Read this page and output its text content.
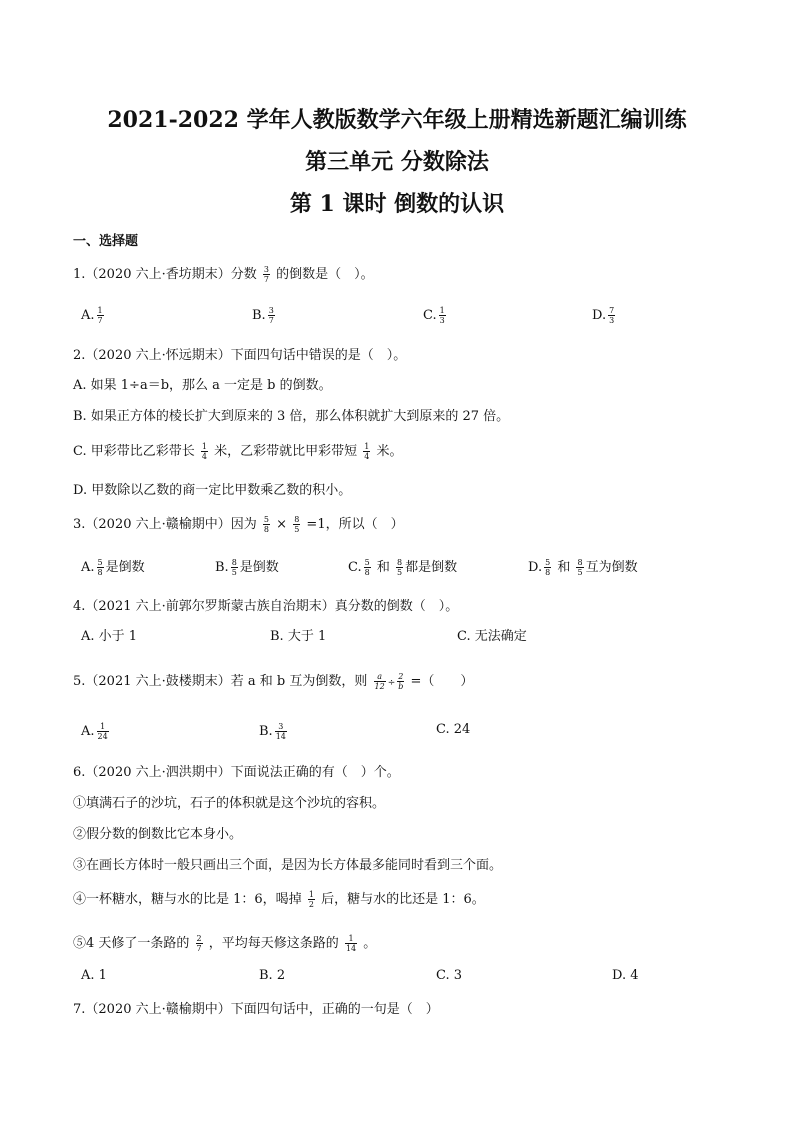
2021-2022 学年人教版数学六年级上册精选新题汇编训练
第三单元 分数除法
第 1 课时 倒数的认识
一、选择题
1.（2020 六上·香坊期末）分数 $\frac{3}{7}$ 的倒数是（　）。
A. $\frac{1}{7}$	B. $\frac{3}{7}$	C. $\frac{1}{3}$	D. $\frac{7}{3}$
2.（2020 六上·怀远期末）下面四句话中错误的是（　）。
A. 如果 1÷a＝b，那么 a 一定是 b 的倒数。
B. 如果正方体的棱长扩大到原来的 3 倍，那么体积就扩大到原来的 27 倍。
C. 甲彩带比乙彩带长 $\frac{1}{4}$ 米，乙彩带就比甲彩带短 $\frac{1}{4}$ 米。
D. 甲数除以乙数的商一定比甲数乘乙数的积小。
3.（2020 六上·赣榆期中）因为 $\frac{5}{8} \times \frac{8}{5} =1$，所以（　）
A. $\frac{5}{8}$ 是倒数	B. $\frac{8}{5}$ 是倒数	C. $\frac{5}{8}$ 和 $\frac{8}{5}$ 都是倒数	D. $\frac{5}{8}$ 和 $\frac{8}{5}$ 互为倒数
4.（2021 六上·前郭尔罗斯蒙古族自治期末）真分数的倒数（　）。
A. 小于 1	B. 大于 1	C. 无法确定
5.（2021 六上·鼓楼期末）若 a 和 b 互为倒数，则 $\frac{a}{12} \div \frac{2}{b}$ =（　　）
A. $\frac{1}{24}$	B. $\frac{3}{14}$	C. 24
6.（2020 六上·泗洪期中）下面说法正确的有（　）个。
①填满石子的沙坑，石子的体积就是这个沙坑的容积。
②假分数的倒数比它本身小。
③在画长方体时一般只画出三个面，是因为长方体最多能同时看到三个面。
④一杯糖水，糖与水的比是 1：6，喝掉 $\frac{1}{2}$ 后，糖与水的比还是 1：6。
⑤4 天修了一条路的 $\frac{2}{7}$ ，平均每天修这条路的 $\frac{1}{14}$ 。
A. 1	B. 2	C. 3	D. 4
7.（2020 六上·赣榆期中）下面四句话中，正确的一句是（　）
